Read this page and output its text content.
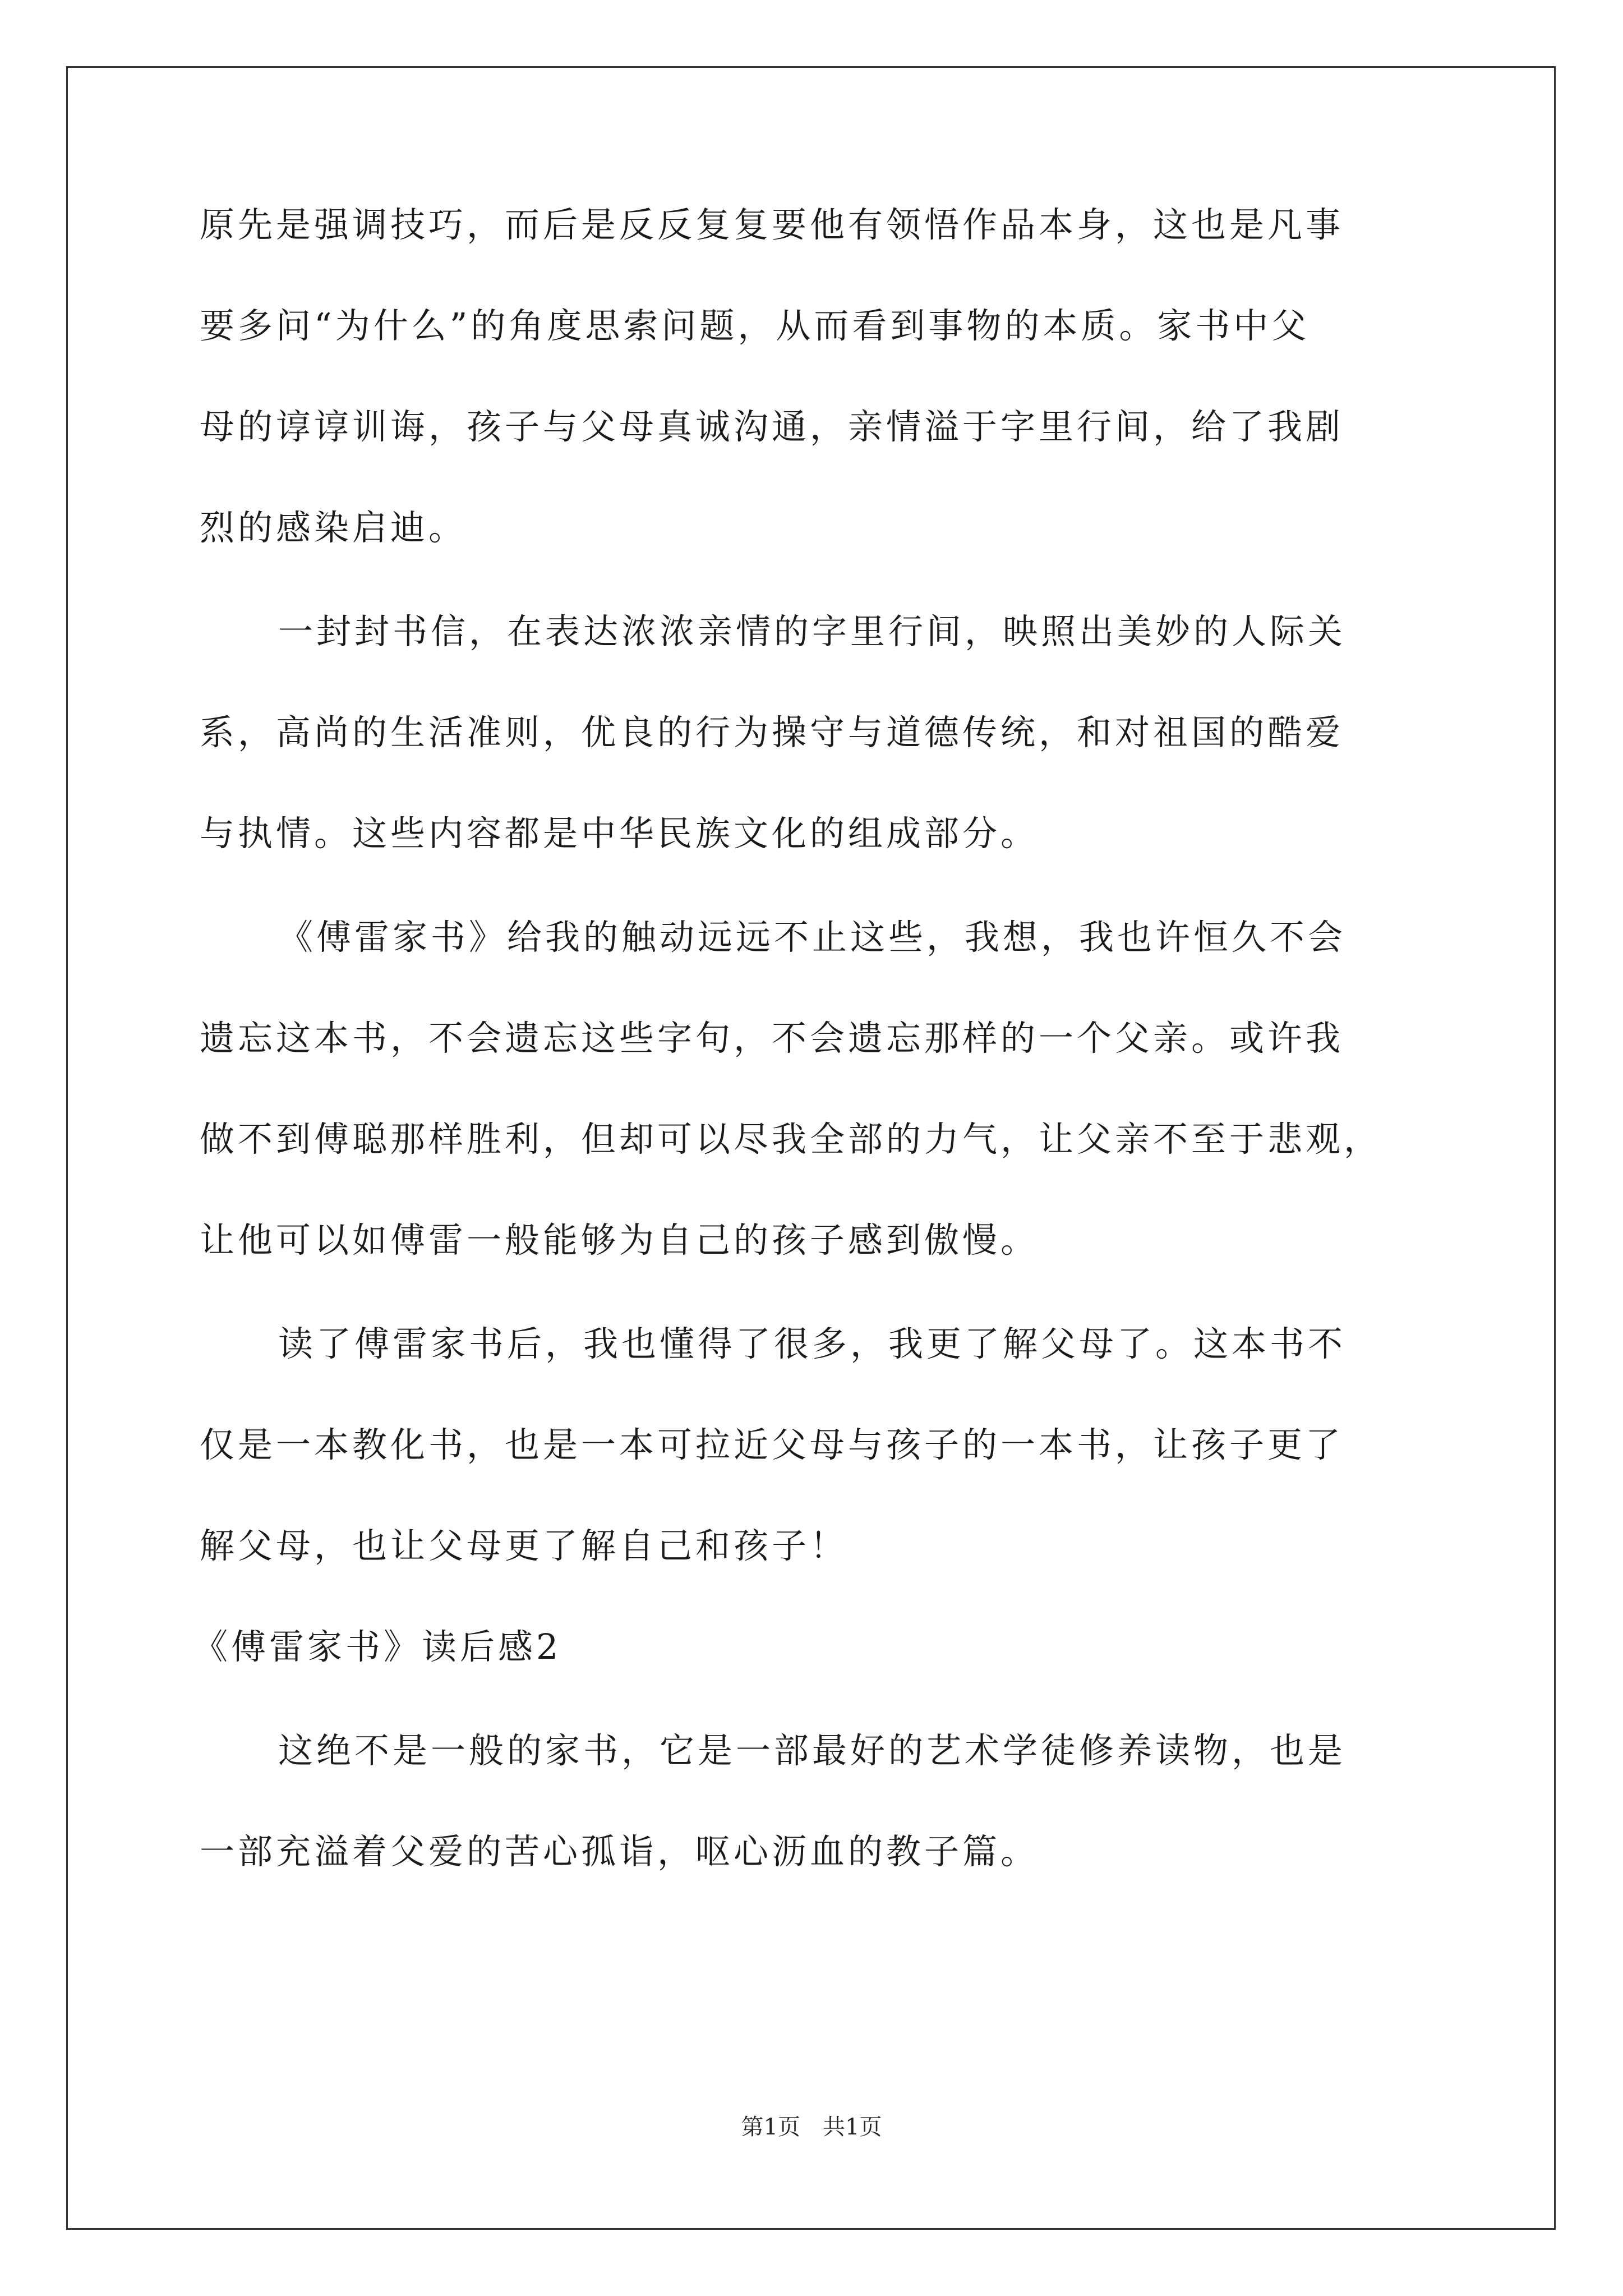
原先是强调技巧，而后是反反复复要他有领悟作品本身，这也是凡事

要多问“为什么”的角度思索问题，从而看到事物的本质。家书中父

母的谆谆训诲，孩子与父母真诚沟通，亲情溢于字里行间，给了我剧

烈的感染启迪。

一封封书信，在表达浓浓亲情的字里行间，映照出美妙的人际关

系，高尚的生活准则，优良的行为操守与道德传统，和对祖国的酷爱

与执情。这些内容都是中华民族文化的组成部分。

《傅雷家书》给我的触动远远不止这些，我想，我也许恒久不会

遗忘这本书，不会遗忘这些字句，不会遗忘那样的一个父亲。或许我

做不到傅聪那样胜利，但却可以尽我全部的力气，让父亲不至于悲观，

让他可以如傅雷一般能够为自己的孩子感到傲慢。

读了傅雷家书后，我也懂得了很多，我更了解父母了。这本书不

仅是一本教化书，也是一本可拉近父母与孩子的一本书，让孩子更了

解父母，也让父母更了解自己和孩子！

《傅雷家书》读后感2

这绝不是一般的家书，它是一部最好的艺术学徒修养读物，也是

一部充溢着父爱的苦心孤诣，呕心沥血的教子篇。

第1页　共1页
